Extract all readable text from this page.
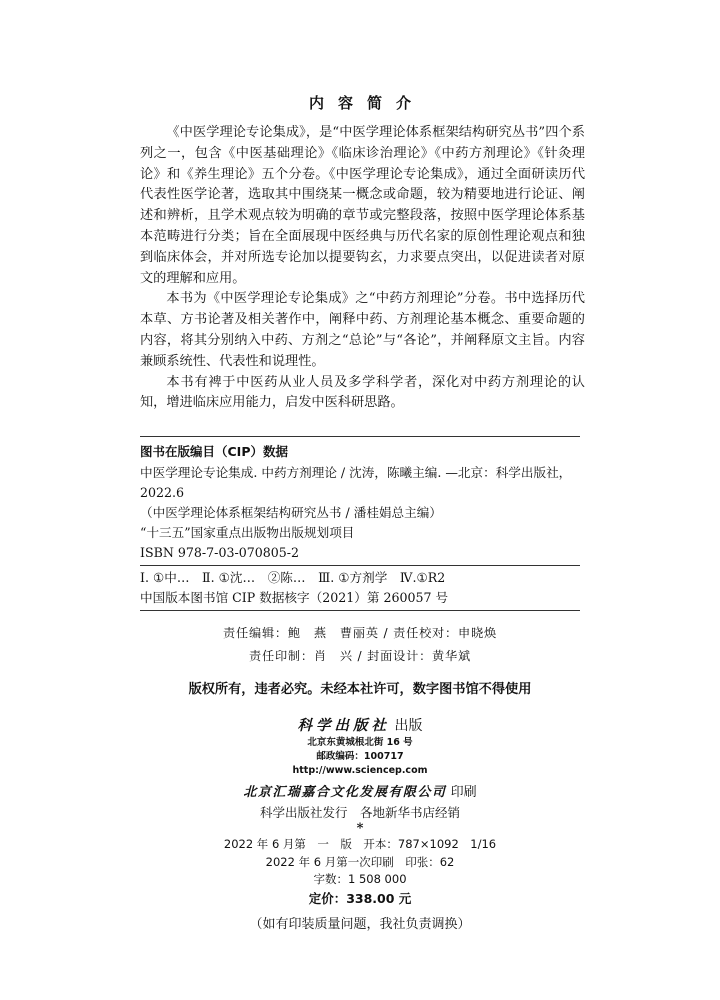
内容简介

《中医学理论专论集成》，是“中医学理论体系框架结构研究丛书”四个系列之一，包含《中医基础理论》《临床诊治理论》《中药方剂理论》《针灸理论》和《养生理论》五个分卷。《中医学理论专论集成》，通过全面研读历代代表性医学论著，选取其中围绕某一概念或命题，较为精要地进行论证、阐述和辨析，且学术观点较为明确的章节或完整段落，按照中医学理论体系基本范畴进行分类；旨在全面展现中医经典与历代名家的原创性理论观点和独到临床体会，并对所选专论加以提要钩玄，力求要点突出，以促进读者对原文的理解和应用。

本书为《中医学理论专论集成》之“中药方剂理论”分卷。书中选择历代本草、方书论著及相关著作中，阐释中药、方剂理论基本概念、重要命题的内容，将其分别纳入中药、方剂之“总论”与“各论”，并阐释原文主旨。内容兼顾系统性、代表性和说理性。

本书有裨于中医药从业人员及多学科学者，深化对中药方剂理论的认知，增进临床应用能力，启发中医科研思路。

图书在版编目（CIP）数据
中医学理论专论集成. 中药方剂理论 / 沈涛，陈曦主编. —北京：科学出版社，2022.6
（中医学理论体系框架结构研究丛书 / 潘桂娟总主编）
“十三五”国家重点出版物出版规划项目
ISBN 978-7-03-070805-2
Ⅰ. ①中…　Ⅱ. ①沈…　②陈…　Ⅲ. ①方剂学　Ⅳ.①R2
中国版本图书馆 CIP 数据核字（2021）第 260057 号
责任编辑：鲍　燕　曹丽英 / 责任校对：申晓焕
责任印制：肖　兴 / 封面设计：黄华斌
版权所有，违者必究。未经本社许可，数字图书馆不得使用
科学出版社 出版
北京东黄城根北街 16 号
邮政编码：100717
http://www.sciencep.com
北京汇瑞嘉合文化发展有限公司 印刷
科学出版社发行　各地新华书店经销
*
2022 年 6 月第　一　版　开本：787×1092　1/16
2022 年 6 月第一次印刷　印张：62
字数：1 508 000
定价：338.00 元
（如有印装质量问题，我社负责调换）
